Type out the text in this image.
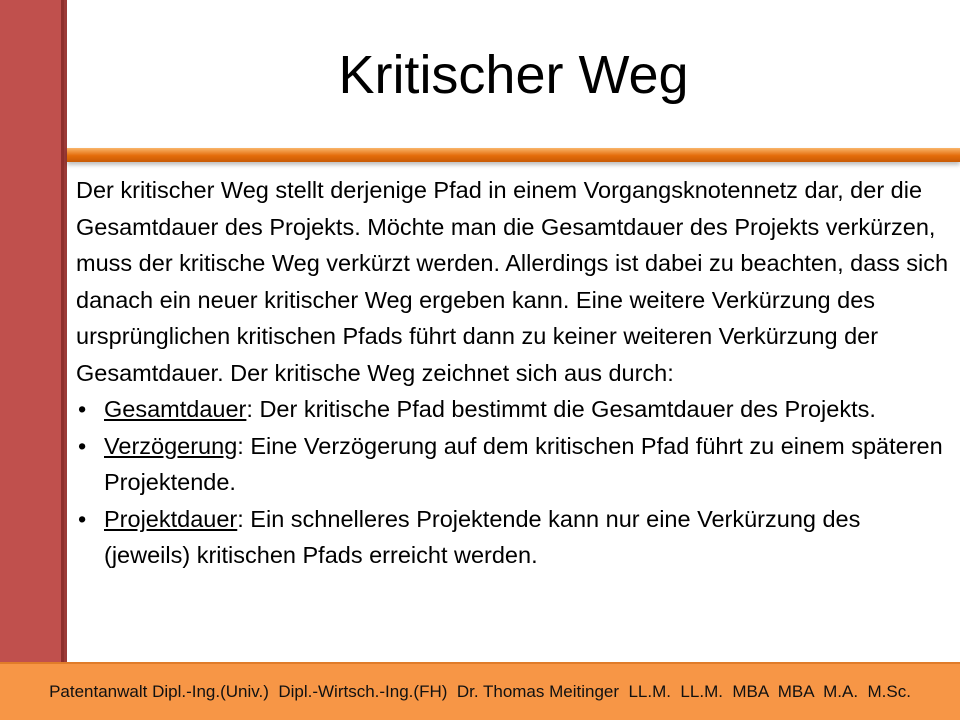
Kritischer Weg

Der kritischer Weg stellt derjenige Pfad in einem Vorgangsknotennetz dar, der die Gesamtdauer des Projekts. Möchte man die Gesamtdauer des Projekts verkürzen, muss der kritische Weg verkürzt werden. Allerdings ist dabei zu beachten, dass sich danach ein neuer kritischer Weg ergeben kann. Eine weitere Verkürzung des ursprünglichen kritischen Pfads führt dann zu keiner weiteren Verkürzung der Gesamtdauer. Der kritische Weg zeichnet sich aus durch:

• Gesamtdauer: Der kritische Pfad bestimmt die Gesamtdauer des Projekts.
• Verzögerung: Eine Verzögerung auf dem kritischen Pfad führt zu einem späteren Projektende.
• Projektdauer: Ein schnelleres Projektende kann nur eine Verkürzung des (jeweils) kritischen Pfads erreicht werden.
Patentanwalt Dipl.-Ing.(Univ.)  Dipl.-Wirtsch.-Ing.(FH)  Dr. Thomas Meitinger  LL.M.  LL.M.  MBA  MBA  M.A.  M.Sc.
